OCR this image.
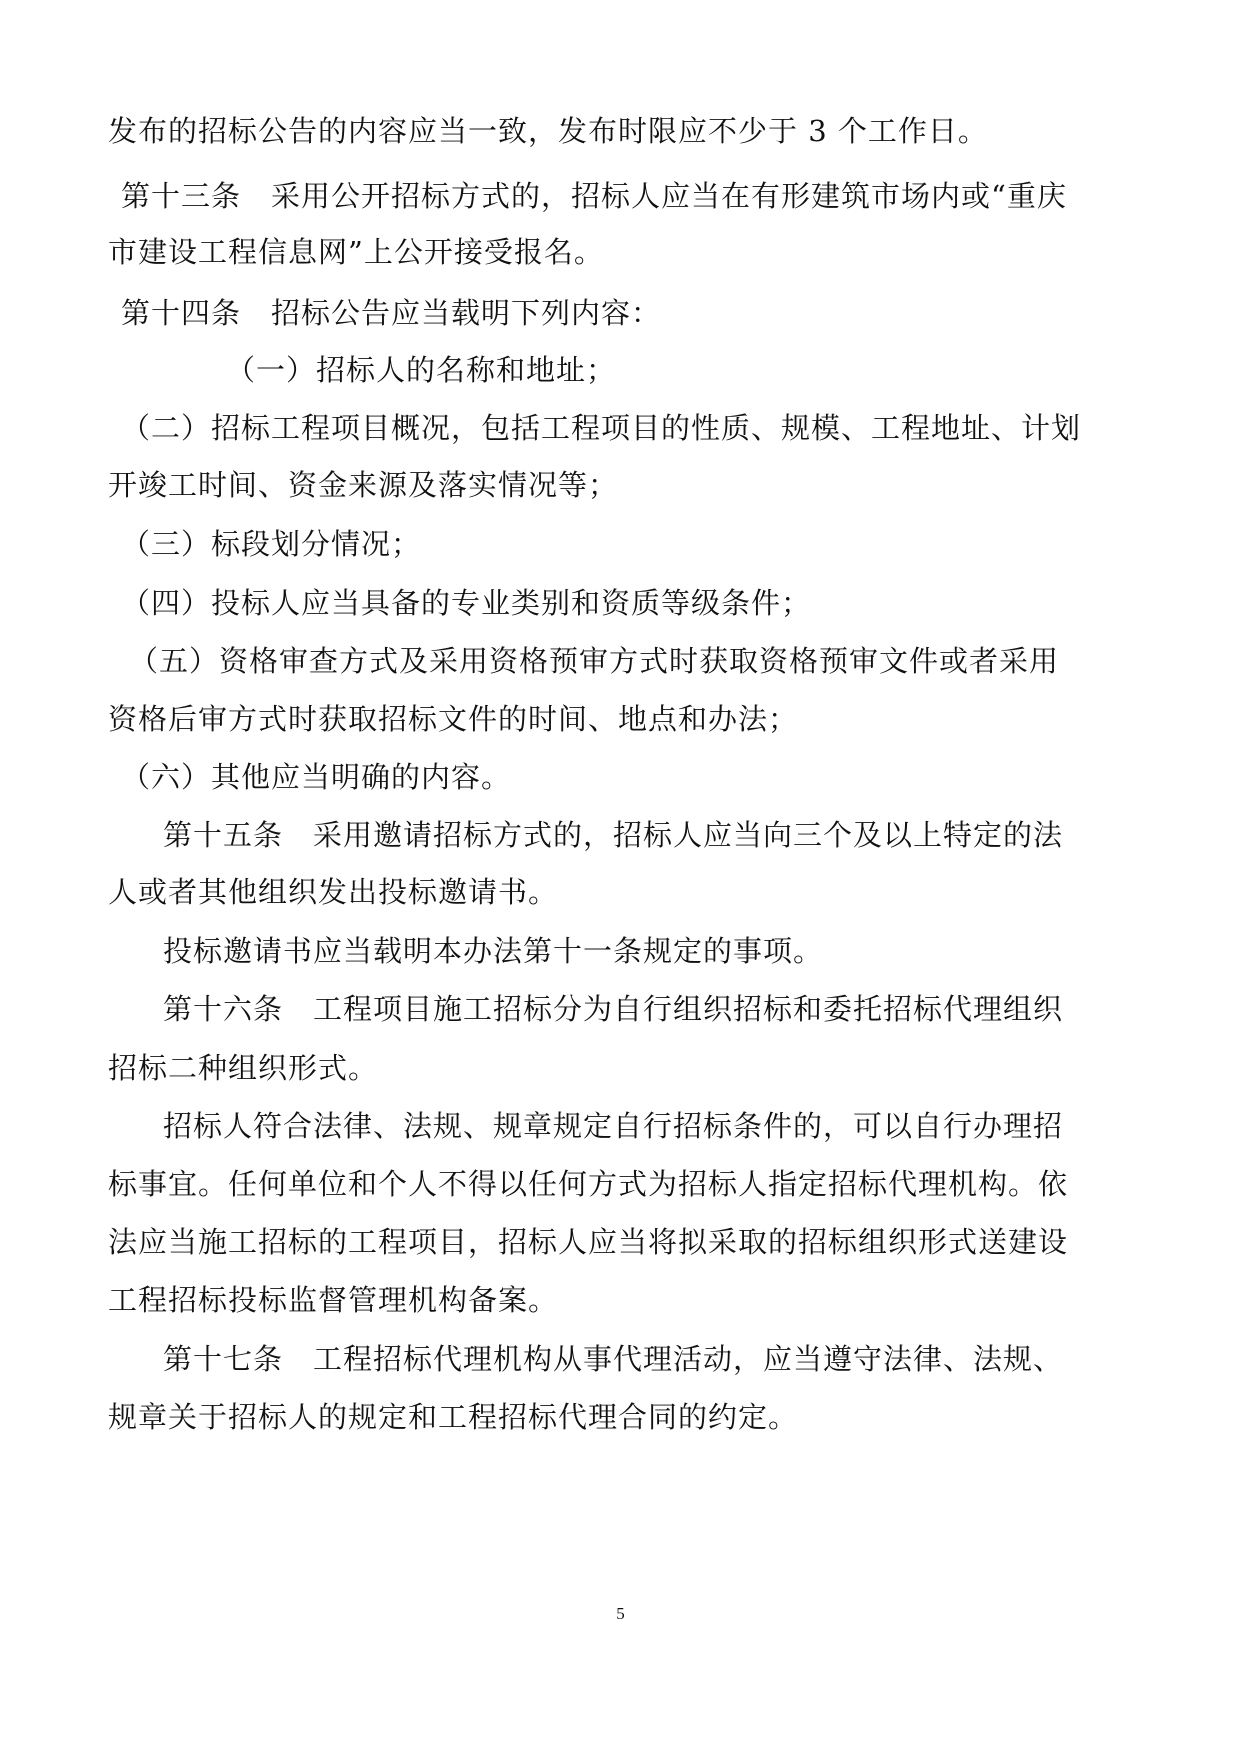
发布的招标公告的内容应当一致，发布时限应不少于 3 个工作日。
第十三条　采用公开招标方式的，招标人应当在有形建筑市场内或“重庆
市建设工程信息网”上公开接受报名。
第十四条　招标公告应当载明下列内容：
（一）招标人的名称和地址；
（二）招标工程项目概况，包括工程项目的性质、规模、工程地址、计划
开竣工时间、资金来源及落实情况等；
（三）标段划分情况；
（四）投标人应当具备的专业类别和资质等级条件；
（五）资格审查方式及采用资格预审方式时获取资格预审文件或者采用
资格后审方式时获取招标文件的时间、地点和办法；
（六）其他应当明确的内容。
第十五条　采用邀请招标方式的，招标人应当向三个及以上特定的法
人或者其他组织发出投标邀请书。
投标邀请书应当载明本办法第十一条规定的事项。
第十六条　工程项目施工招标分为自行组织招标和委托招标代理组织
招标二种组织形式。
招标人符合法律、法规、规章规定自行招标条件的，可以自行办理招
标事宜。任何单位和个人不得以任何方式为招标人指定招标代理机构。依
法应当施工招标的工程项目，招标人应当将拟采取的招标组织形式送建设
工程招标投标监督管理机构备案。
第十七条　工程招标代理机构从事代理活动，应当遵守法律、法规、
规章关于招标人的规定和工程招标代理合同的约定。
5
